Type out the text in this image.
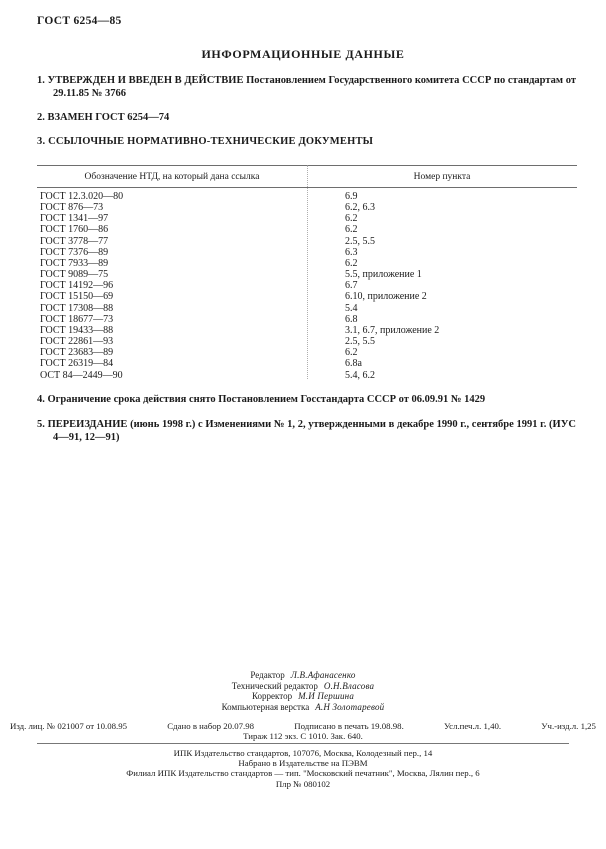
ГОСТ 6254—85
ИНФОРМАЦИОННЫЕ ДАННЫЕ

1. УТВЕРЖДЕН И ВВЕДЕН В ДЕЙСТВИЕ Постановлением Государственного комитета СССР по стандартам от 29.11.85 № 3766

2. ВЗАМЕН ГОСТ 6254—74

3. ССЫЛОЧНЫЕ НОРМАТИВНО-ТЕХНИЧЕСКИЕ ДОКУМЕНТЫ

Обозначение НТД, на который дана ссылка	Номер пункта
ГОСТ 12.3.020—80	6.9
ГОСТ 876—73	6.2, 6.3
ГОСТ 1341—97	6.2
ГОСТ 1760—86	6.2
ГОСТ 3778—77	2.5, 5.5
ГОСТ 7376—89	6.3
ГОСТ 7933—89	6.2
ГОСТ 9089—75	5.5, приложение 1
ГОСТ 14192—96	6.7
ГОСТ 15150—69	6.10, приложение 2
ГОСТ 17308—88	5.4
ГОСТ 18677—73	6.8
ГОСТ 19433—88	3.1, 6.7, приложение 2
ГОСТ 22861—93	2.5, 5.5
ГОСТ 23683—89	6.2
ГОСТ 26319—84	6.8а
ОСТ 84—2449—90	5.4, 6.2

4. Ограничение срока действия снято Постановлением Госстандарта СССР от 06.09.91 № 1429

5. ПЕРЕИЗДАНИЕ (июнь 1998 г.) с Изменениями № 1, 2, утвержденными в декабре 1990 г., сентябре 1991 г. (ИУС 4—91, 12—91)

Редактор Л.В.Афанасенко
Технический редактор О.Н.Власова
Корректор М.И Першина
Компьютерная верстка А.Н Золотаревой
Изд. лиц. № 021007 от 10.08.95	Сдано в набор 20.07.98	Подписано в печать 19.08.98.	Усл.печ.л. 1,40.	Уч.-изд.л. 1,25
Тираж 112 экз. С 1010. Зак. 640.
ИПК Издательство стандартов, 107076, Москва, Колодезный пер., 14
Набрано в Издательстве на ПЭВМ
Филиал ИПК Издательство стандартов — тип. "Московский печатник", Москва, Лялин пер., 6
Плр № 080102
